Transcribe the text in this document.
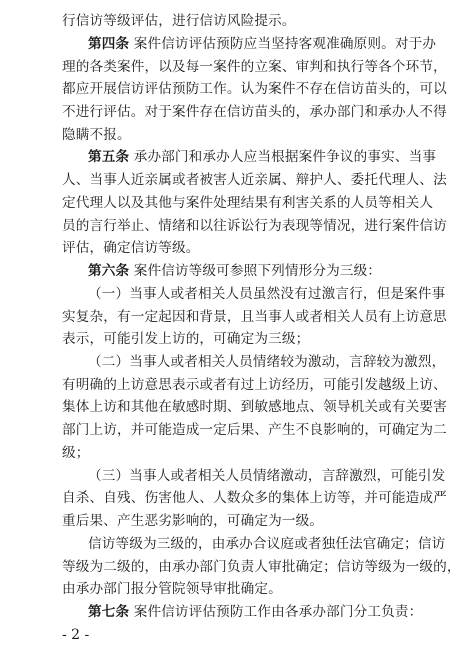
行信访等级评估，进行信访风险提示。
第四条 案件信访评估预防应当坚持客观准确原则。对于办
理的各类案件，以及每一案件的立案、审判和执行等各个环节，
都应开展信访评估预防工作。认为案件不存在信访苗头的，可以
不进行评估。对于案件存在信访苗头的，承办部门和承办人不得
隐瞒不报。
第五条 承办部门和承办人应当根据案件争议的事实、当事
人、当事人近亲属或者被害人近亲属、辩护人、委托代理人、法
定代理人以及其他与案件处理结果有利害关系的人员等相关人
员的言行举止、情绪和以往诉讼行为表现等情况，进行案件信访
评估，确定信访等级。
第六条 案件信访等级可参照下列情形分为三级：
（一）当事人或者相关人员虽然没有过激言行，但是案件事
实复杂，有一定起因和背景，且当事人或者相关人员有上访意思
表示，可能引发上访的，可确定为三级；
（二）当事人或者相关人员情绪较为激动，言辞较为激烈，
有明确的上访意思表示或者有过上访经历，可能引发越级上访、
集体上访和其他在敏感时期、到敏感地点、领导机关或有关要害
部门上访，并可能造成一定后果、产生不良影响的，可确定为二
级；
（三）当事人或者相关人员情绪激动，言辞激烈，可能引发
自杀、自残、伤害他人、人数众多的集体上访等，并可能造成严
重后果、产生恶劣影响的，可确定为一级。
信访等级为三级的，由承办合议庭或者独任法官确定；信访
等级为二级的，由承办部门负责人审批确定；信访等级为一级的，
由承办部门报分管院领导审批确定。
第七条 案件信访评估预防工作由各承办部门分工负责：
- 2 -
